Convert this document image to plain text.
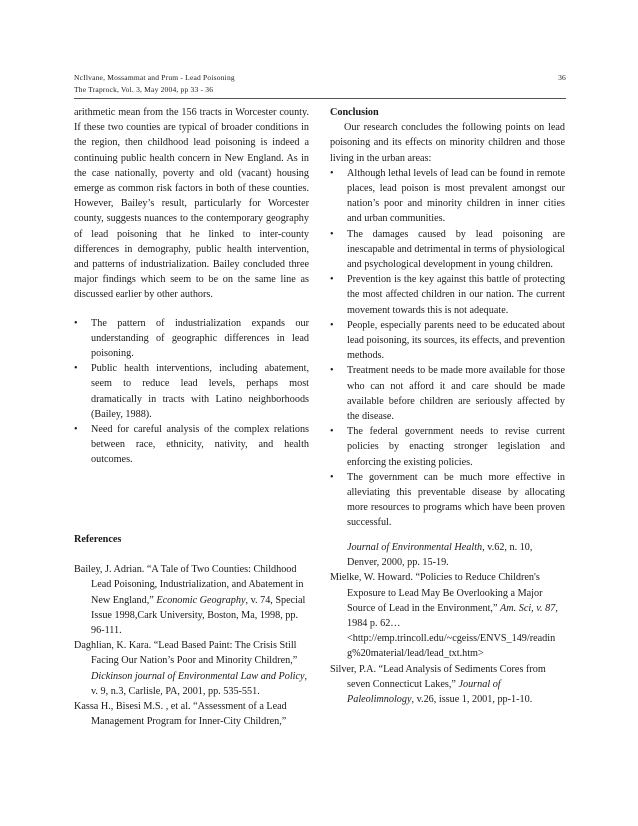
NcIlvane, Mossammat and Prum - Lead Poisoning	36
The Traprock, Vol. 3, May 2004, pp 33 - 36

arithmetic mean from the 156 tracts in Worcester county. If these two counties are typical of broader conditions in the region, then childhood lead poisoning is indeed a continuing public health concern in New England. As in the case nationally, poverty and old (vacant) housing emerge as common risk factors in both of these counties. However, Bailey’s result, particularly for Worcester county, suggests nuances to the contemporary geography of lead poisoning that he linked to inter-county differences in demography, public health intervention, and patterns of industrialization. Bailey concluded three major findings which seem to be on the same line as discussed earlier by other authors.

• The pattern of industrialization expands our understanding of geographic differences in lead poisoning.
• Public health interventions, including abatement, seem to reduce lead levels, perhaps most dramatically in tracts with Latino neighborhoods (Bailey, 1988).
• Need for careful analysis of the complex relations between race, ethnicity, nativity, and health outcomes.

Conclusion

Our research concludes the following points on lead poisoning and its effects on minority children and those living in the urban areas:

• Although lethal levels of lead can be found in remote places, lead poison is most prevalent amongst our nation’s poor and minority children in inner cities and urban communities.
• The damages caused by lead poisoning are inescapable and detrimental in terms of physiological and psychological development in young children.
• Prevention is the key against this battle of protecting the most affected children in our nation. The current movement towards this is not adequate.
• People, especially parents need to be educated about lead poisoning, its sources, its effects, and prevention methods.
• Treatment needs to be made more available for those who can not afford it and care should be made available before children are seriously affected by the disease.
• The federal government needs to revise current policies by enacting stronger legislation and enforcing the existing policies.
• The government can be much more effective in alleviating this preventable disease by allocating more resources to programs which have been proven successful.

References

Bailey, J. Adrian. “A Tale of Two Counties: Childhood Lead Poisoning, Industrialization, and Abatement in New England,” Economic Geography, v. 74, Special Issue 1998,Cark University, Boston, Ma, 1998, pp. 96-111.

Daghlian, K. Kara. “Lead Based Paint: The Crisis Still Facing Our Nation’s Poor and Minority Children,” Dickinson journal of Environmental Law and Policy, v. 9, n.3, Carlisle, PA, 2001, pp. 535-551.

Kassa H., Bisesi M.S. , et al. “Assessment of a Lead Management Program for Inner-City Children,”

Journal of Environmental Health, v.62, n. 10, Denver, 2000, pp. 15-19.

Mielke, W. Howard. “Policies to Reduce Children's Exposure to Lead May Be Overlooking a Major Source of Lead in the Environment,” Am. Sci, v. 87, 1984 p. 62…
<http://emp.trincoll.edu/~cgeiss/ENVS_149/reading%20material/lead/lead_txt.htm>

Silver, P.A. “Lead Analysis of Sediments Cores from seven Connecticut Lakes,” Journal of Paleolimnology, v.26, issue 1, 2001, pp-1-10.
